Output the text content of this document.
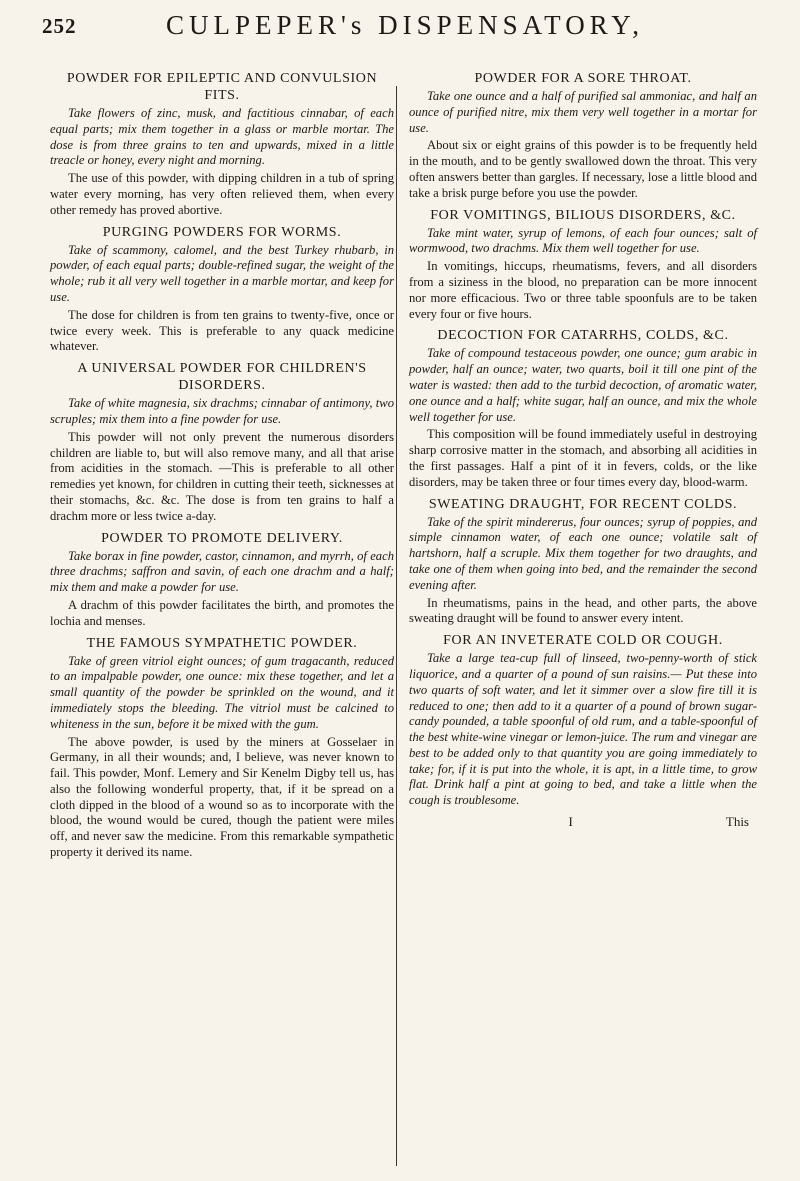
252	CULPEPER's DISPENSATORY,
POWDER FOR EPILEPTIC AND CONVULSION FITS.

Take flowers of zinc, musk, and factitious cinnabar, of each equal parts; mix them together in a glass or marble mortar. The dose is from three grains to ten and upwards, mixed in a little treacle or honey, every night and morning.

The use of this powder, with dipping children in a tub of spring water every morning, has very often relieved them, when every other remedy has proved abortive.

PURGING POWDERS FOR WORMS.

Take of scammony, calomel, and the best Turkey rhubarb, in powder, of each equal parts; double-refined sugar, the weight of the whole; rub it all very well together in a marble mortar, and keep for use.

The dose for children is from ten grains to twenty-five, once or twice every week. This is preferable to any quack medicine whatever.

A UNIVERSAL POWDER FOR CHILDREN'S DISORDERS.

Take of white magnesia, six drachms; cinnabar of antimony, two scruples; mix them into a fine powder for use.

This powder will not only prevent the numerous disorders children are liable to, but will also remove many, and all that arise from acidities in the stomach. —This is preferable to all other remedies yet known, for children in cutting their teeth, sicknesses at their stomachs, &c. &c. The dose is from ten grains to half a drachm more or less twice a-day.

POWDER TO PROMOTE DELIVERY.

Take borax in fine powder, castor, cinnamon, and myrrh, of each three drachms; saffron and savin, of each one drachm and a half; mix them and make a powder for use.

A drachm of this powder facilitates the birth, and promotes the lochia and menses.

THE FAMOUS SYMPATHETIC POWDER.

Take of green vitriol eight ounces; of gum tragacanth, reduced to an impalpable powder, one ounce: mix these together, and let a small quantity of the powder be sprinkled on the wound, and it immediately stops the bleeding. The vitriol must be calcined to whiteness in the sun, before it be mixed with the gum.

The above powder, is used by the miners at Gosselaer in Germany, in all their wounds; and, I believe, was never known to fail. This powder, Monf. Lemery and Sir Kenelm Digby tell us, has also the following wonderful property, that, if it be spread on a cloth dipped in the blood of a wound so as to incorporate with the blood, the wound would be cured, though the patient were miles off, and never saw the medicine. From this remarkable sympathetic property it derived its name.

POWDER FOR A SORE THROAT.

Take one ounce and a half of purified sal ammoniac, and half an ounce of purified nitre, mix them very well together in a mortar for use.

About six or eight grains of this powder is to be frequently held in the mouth, and to be gently swallowed down the throat. This very often answers better than gargles. If necessary, lose a little blood and take a brisk purge before you use the powder.

FOR VOMITINGS, BILIOUS DISORDERS, &C.

Take mint water, syrup of lemons, of each four ounces; salt of wormwood, two drachms. Mix them well together for use.

In vomitings, hiccups, rheumatisms, fevers, and all disorders from a siziness in the blood, no preparation can be more innocent nor more efficacious. Two or three table spoonfuls are to be taken every four or five hours.

DECOCTION FOR CATARRHS, COLDS, &C.

Take of compound testaceous powder, one ounce; gum arabic in powder, half an ounce; water, two quarts, boil it till one pint of the water is wasted: then add to the turbid decoction, of aromatic water, one ounce and a half; white sugar, half an ounce, and mix the whole well together for use.

This composition will be found immediately useful in destroying sharp corrosive matter in the stomach, and absorbing all acidities in the first passages. Half a pint of it in fevers, colds, or the like disorders, may be taken three or four times every day, blood-warm.

SWEATING DRAUGHT, FOR RECENT COLDS.

Take of the spirit mindererus, four ounces; syrup of poppies, and simple cinnamon water, of each one ounce; volatile salt of hartshorn, half a scruple. Mix them together for two draughts, and take one of them when going into bed, and the remainder the second evening after.

In rheumatisms, pains in the head, and other parts, the above sweating draught will be found to answer every intent.

FOR AN INVETERATE COLD OR COUGH.

Take a large tea-cup full of linseed, two-penny-worth of stick liquorice, and a quarter of a pound of sun raisins.— Put these into two quarts of soft water, and let it simmer over a slow fire till it is reduced to one; then add to it a quarter of a pound of brown sugar-candy pounded, a table spoonful of old rum, and a table-spoonful of the best white-wine vinegar or lemon-juice. The rum and vinegar are best to be added only to that quantity you are going immediately to take; for, if it is put into the whole, it is apt, in a little time, to grow flat. Drink half a pint at going to bed, and take a little when the cough is troublesome.

I	This
